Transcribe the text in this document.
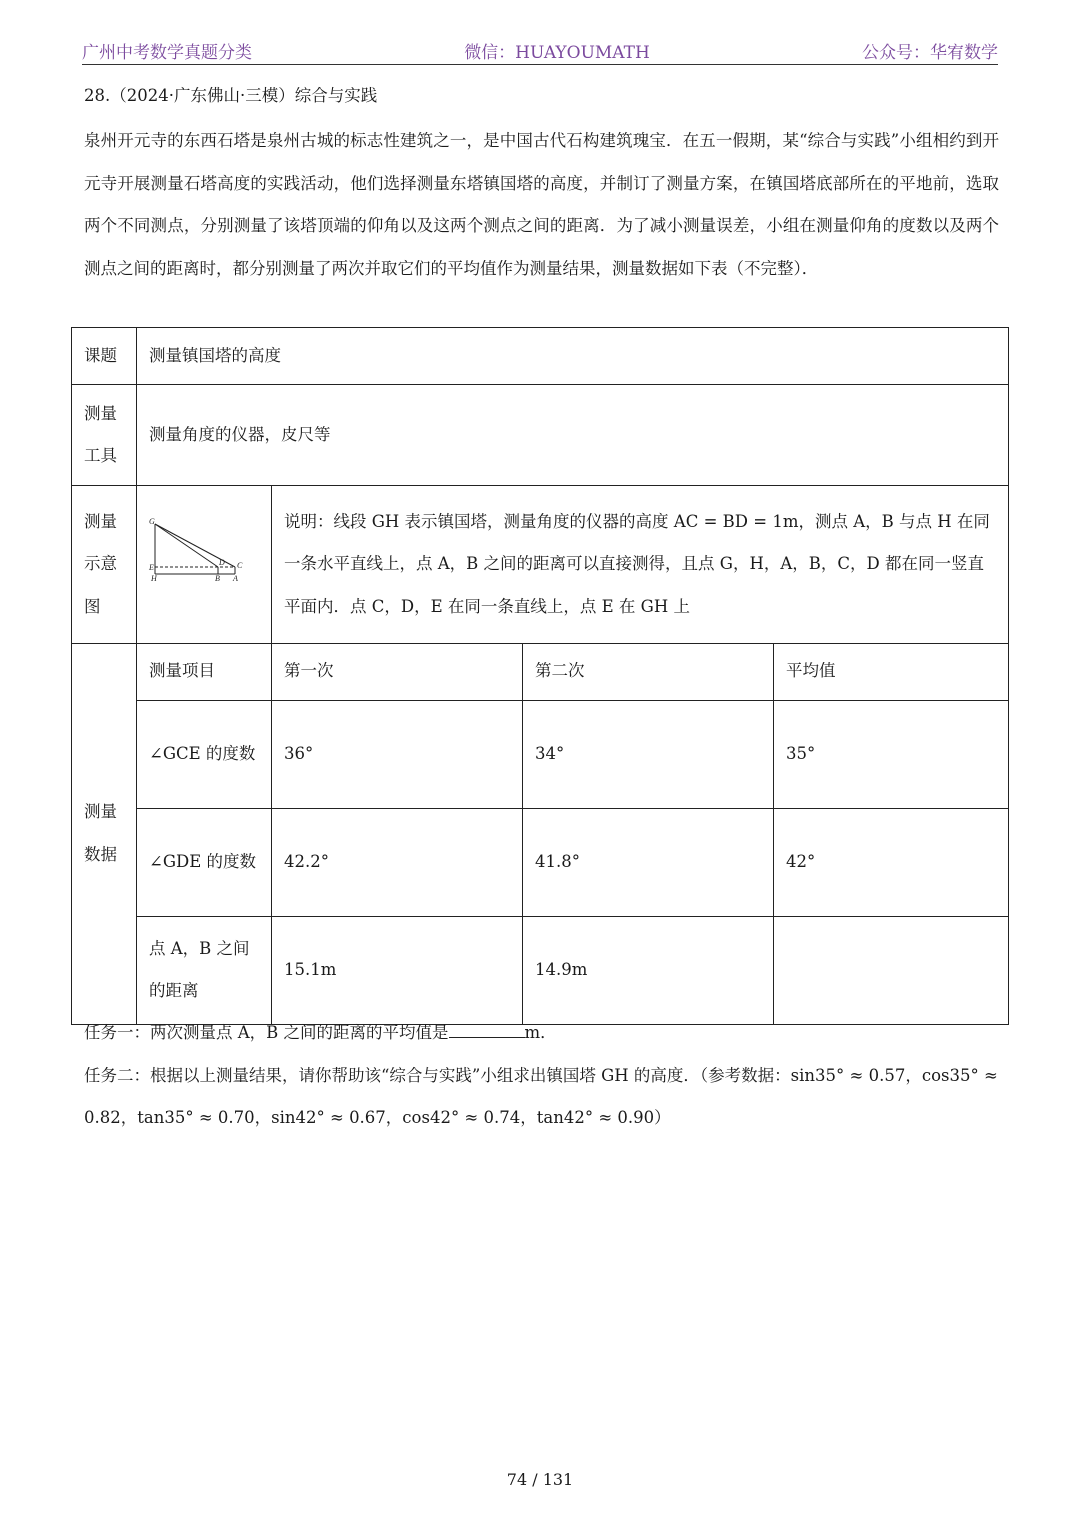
广州中考数学真题分类	微信：HUAYOUMATH	公众号：华宥数学
28.（2024·广东佛山·三模）综合与实践
泉州开元寺的东西石塔是泉州古城的标志性建筑之一，是中国古代石构建筑瑰宝．在五一假期，某“综合与实践”小组相约到开元寺开展测量石塔高度的实践活动，他们选择测量东塔镇国塔的高度，并制订了测量方案，在镇国塔底部所在的平地前，选取两个不同测点，分别测量了该塔顶端的仰角以及这两个测点之间的距离．为了减小测量误差，小组在测量仰角的度数以及两个测点之间的距离时，都分别测量了两次并取它们的平均值作为测量结果，测量数据如下表（不完整）．
课题	测量镇国塔的高度			
测量工具	测量角度的仪器，皮尺等			
测量示意图	
G
E
H	B
D
A
C
	说明：线段 GH 表示镇国塔，测量角度的仪器的高度 AC = BD = 1m，测点 A，B 与点 H 在同一条水平直线上，点 A，B 之间的距离可以直接测得，且点 G，H，A，B，C，D 都在同一竖直平面内．点 C，D，E 在同一条直线上，点 E 在 GH 上
测量数据	测量项目	第一次	第二次	平均值
	∠GCE 的度数	36°	34°	35°
	∠GDE 的度数	42.2°	41.8°	42°
	点 A，B 之间的距离	15.1m	14.9m	
任务一：两次测量点 A，B 之间的距离的平均值是	m．
任务二：根据以上测量结果，请你帮助该“综合与实践”小组求出镇国塔 GH 的高度．（参考数据：sin35° ≈ 0.57，cos35° ≈ 0.82，tan35° ≈ 0.70，sin42° ≈ 0.67，cos42° ≈ 0.74，tan42° ≈ 0.90）
74 / 131
